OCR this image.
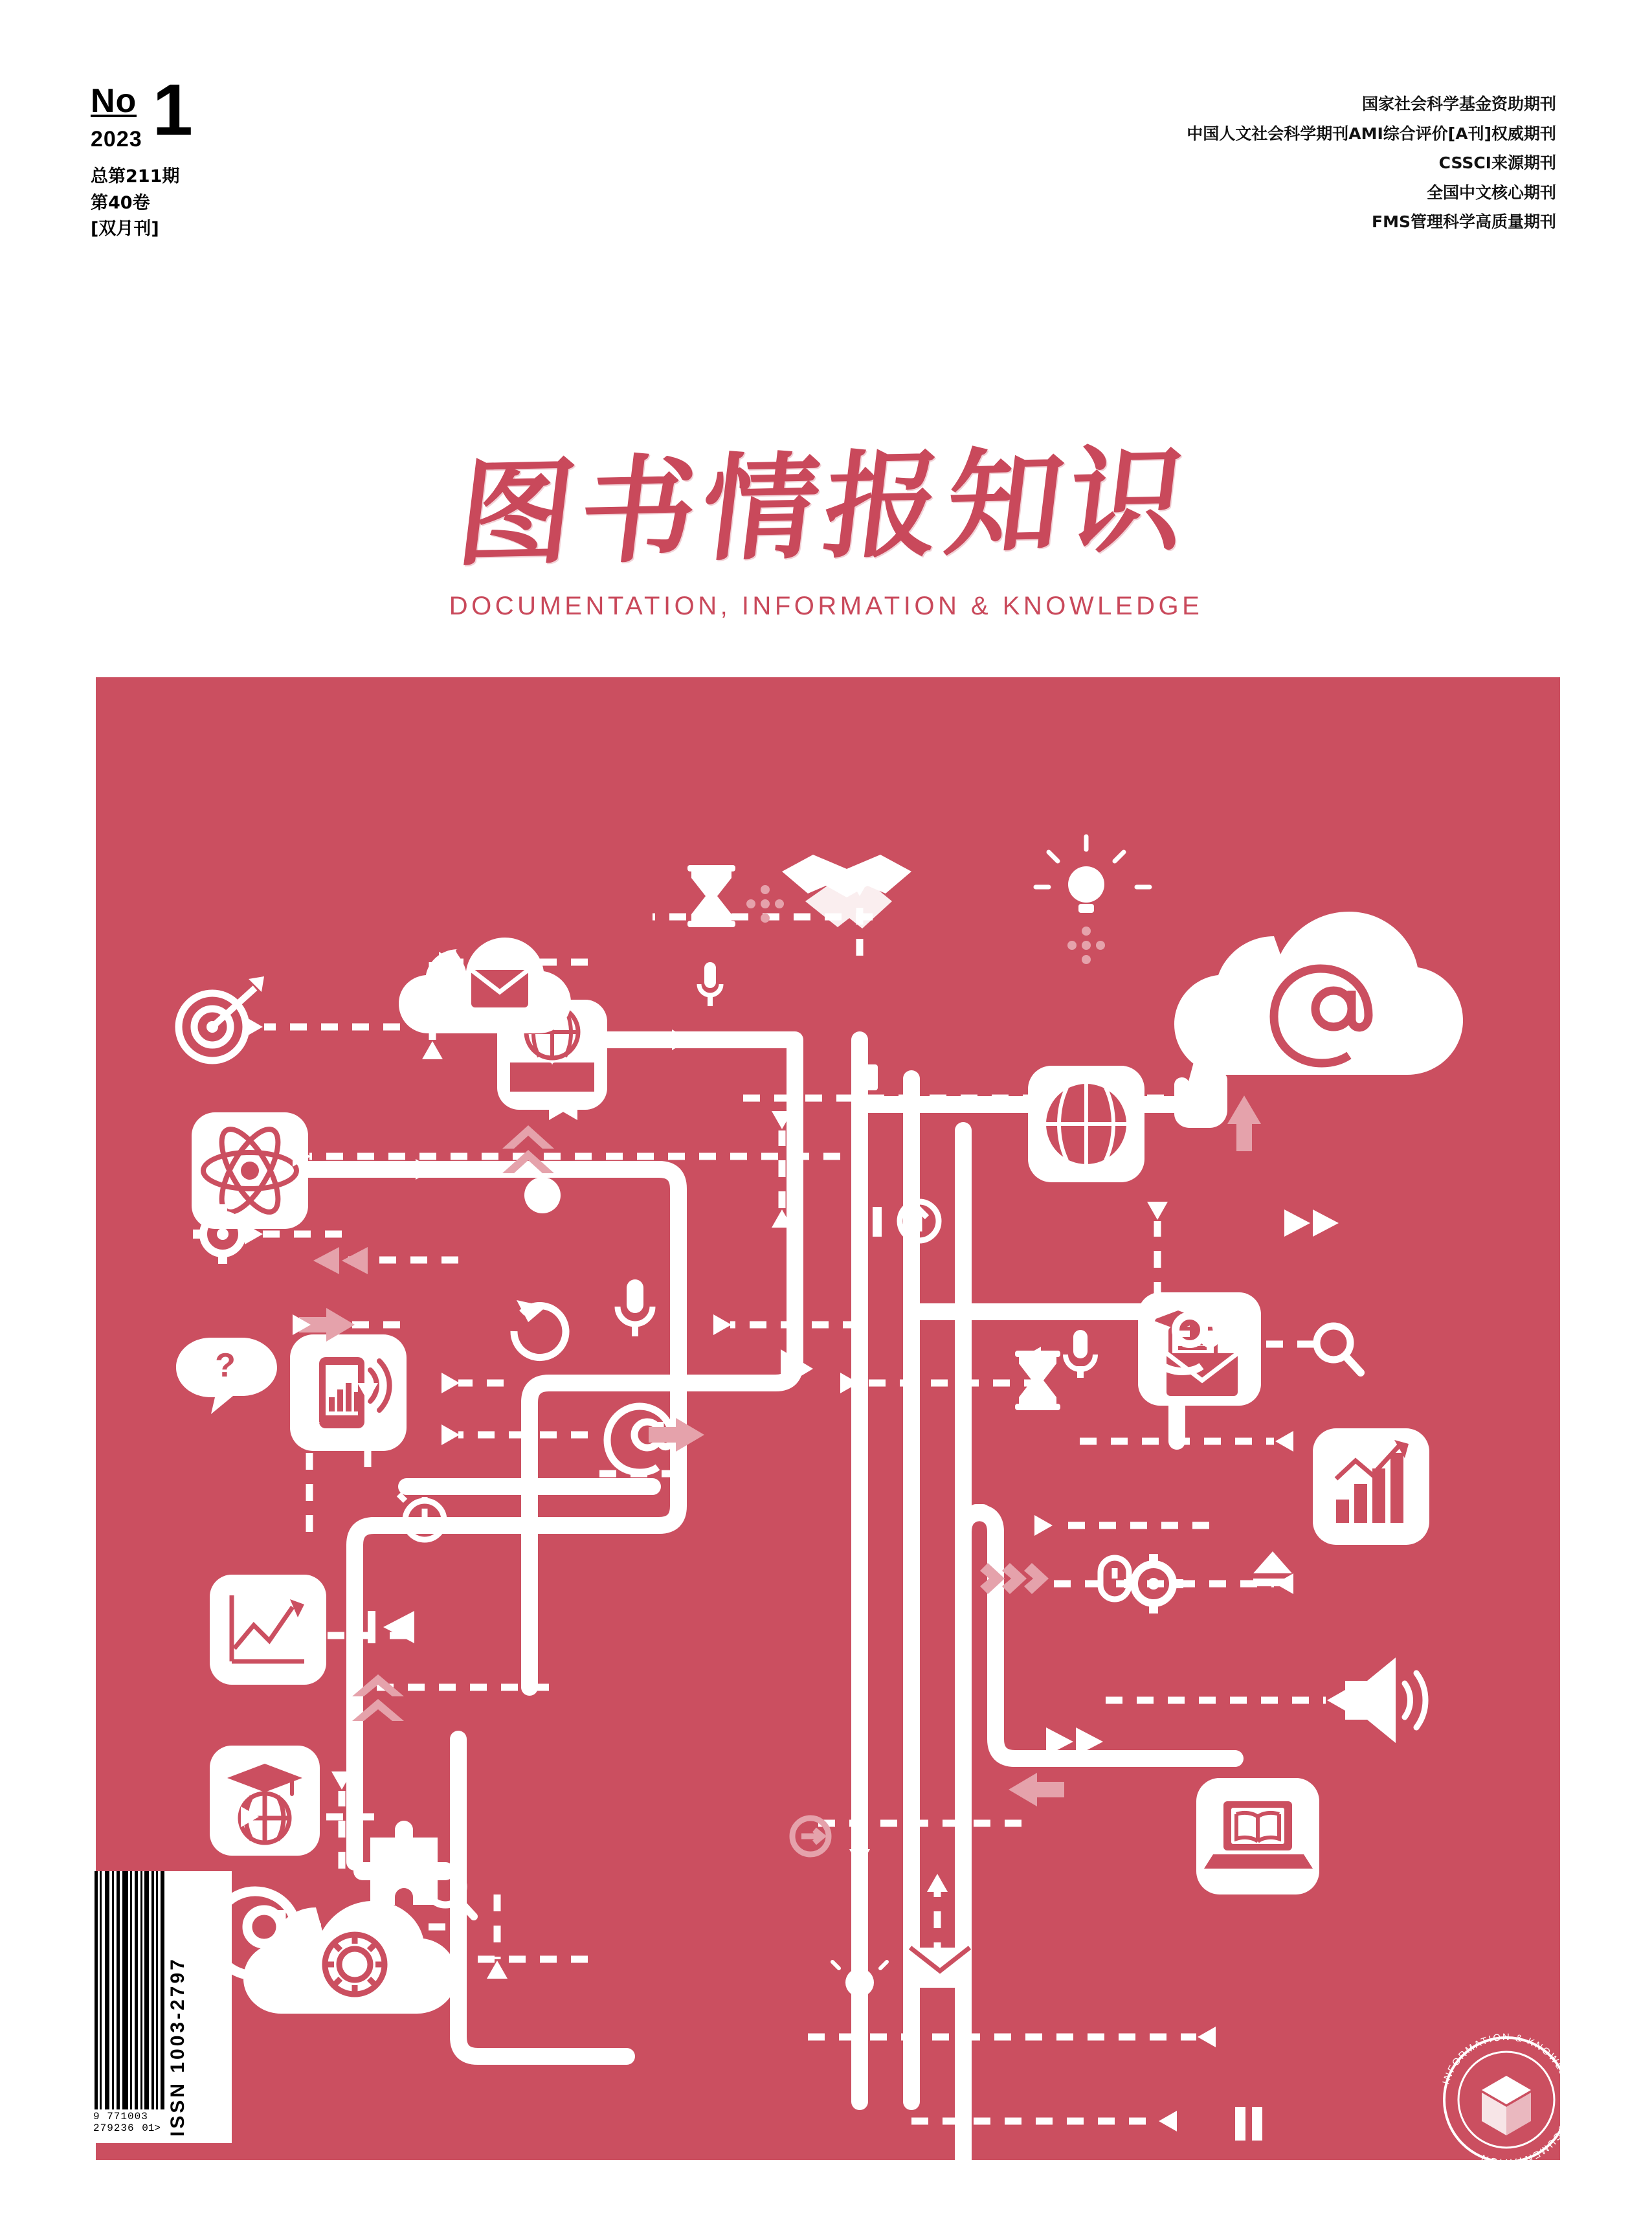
No
2023 1
总第211期
第40卷
[双月刊]
国家社会科学基金资助期刊
中国人文社会科学期刊AMI综合评价[A刊]权威期刊
CSSCI来源期刊
全国中文核心期刊
FMS管理科学高质量期刊
图书情报知识
DOCUMENTATION, INFORMATION & KNOWLEDGE
?
9 771003 279236 01> ISSN 1003-2797	INFORMATION & KNOWLEDGE · DOCUMENTATION ·
